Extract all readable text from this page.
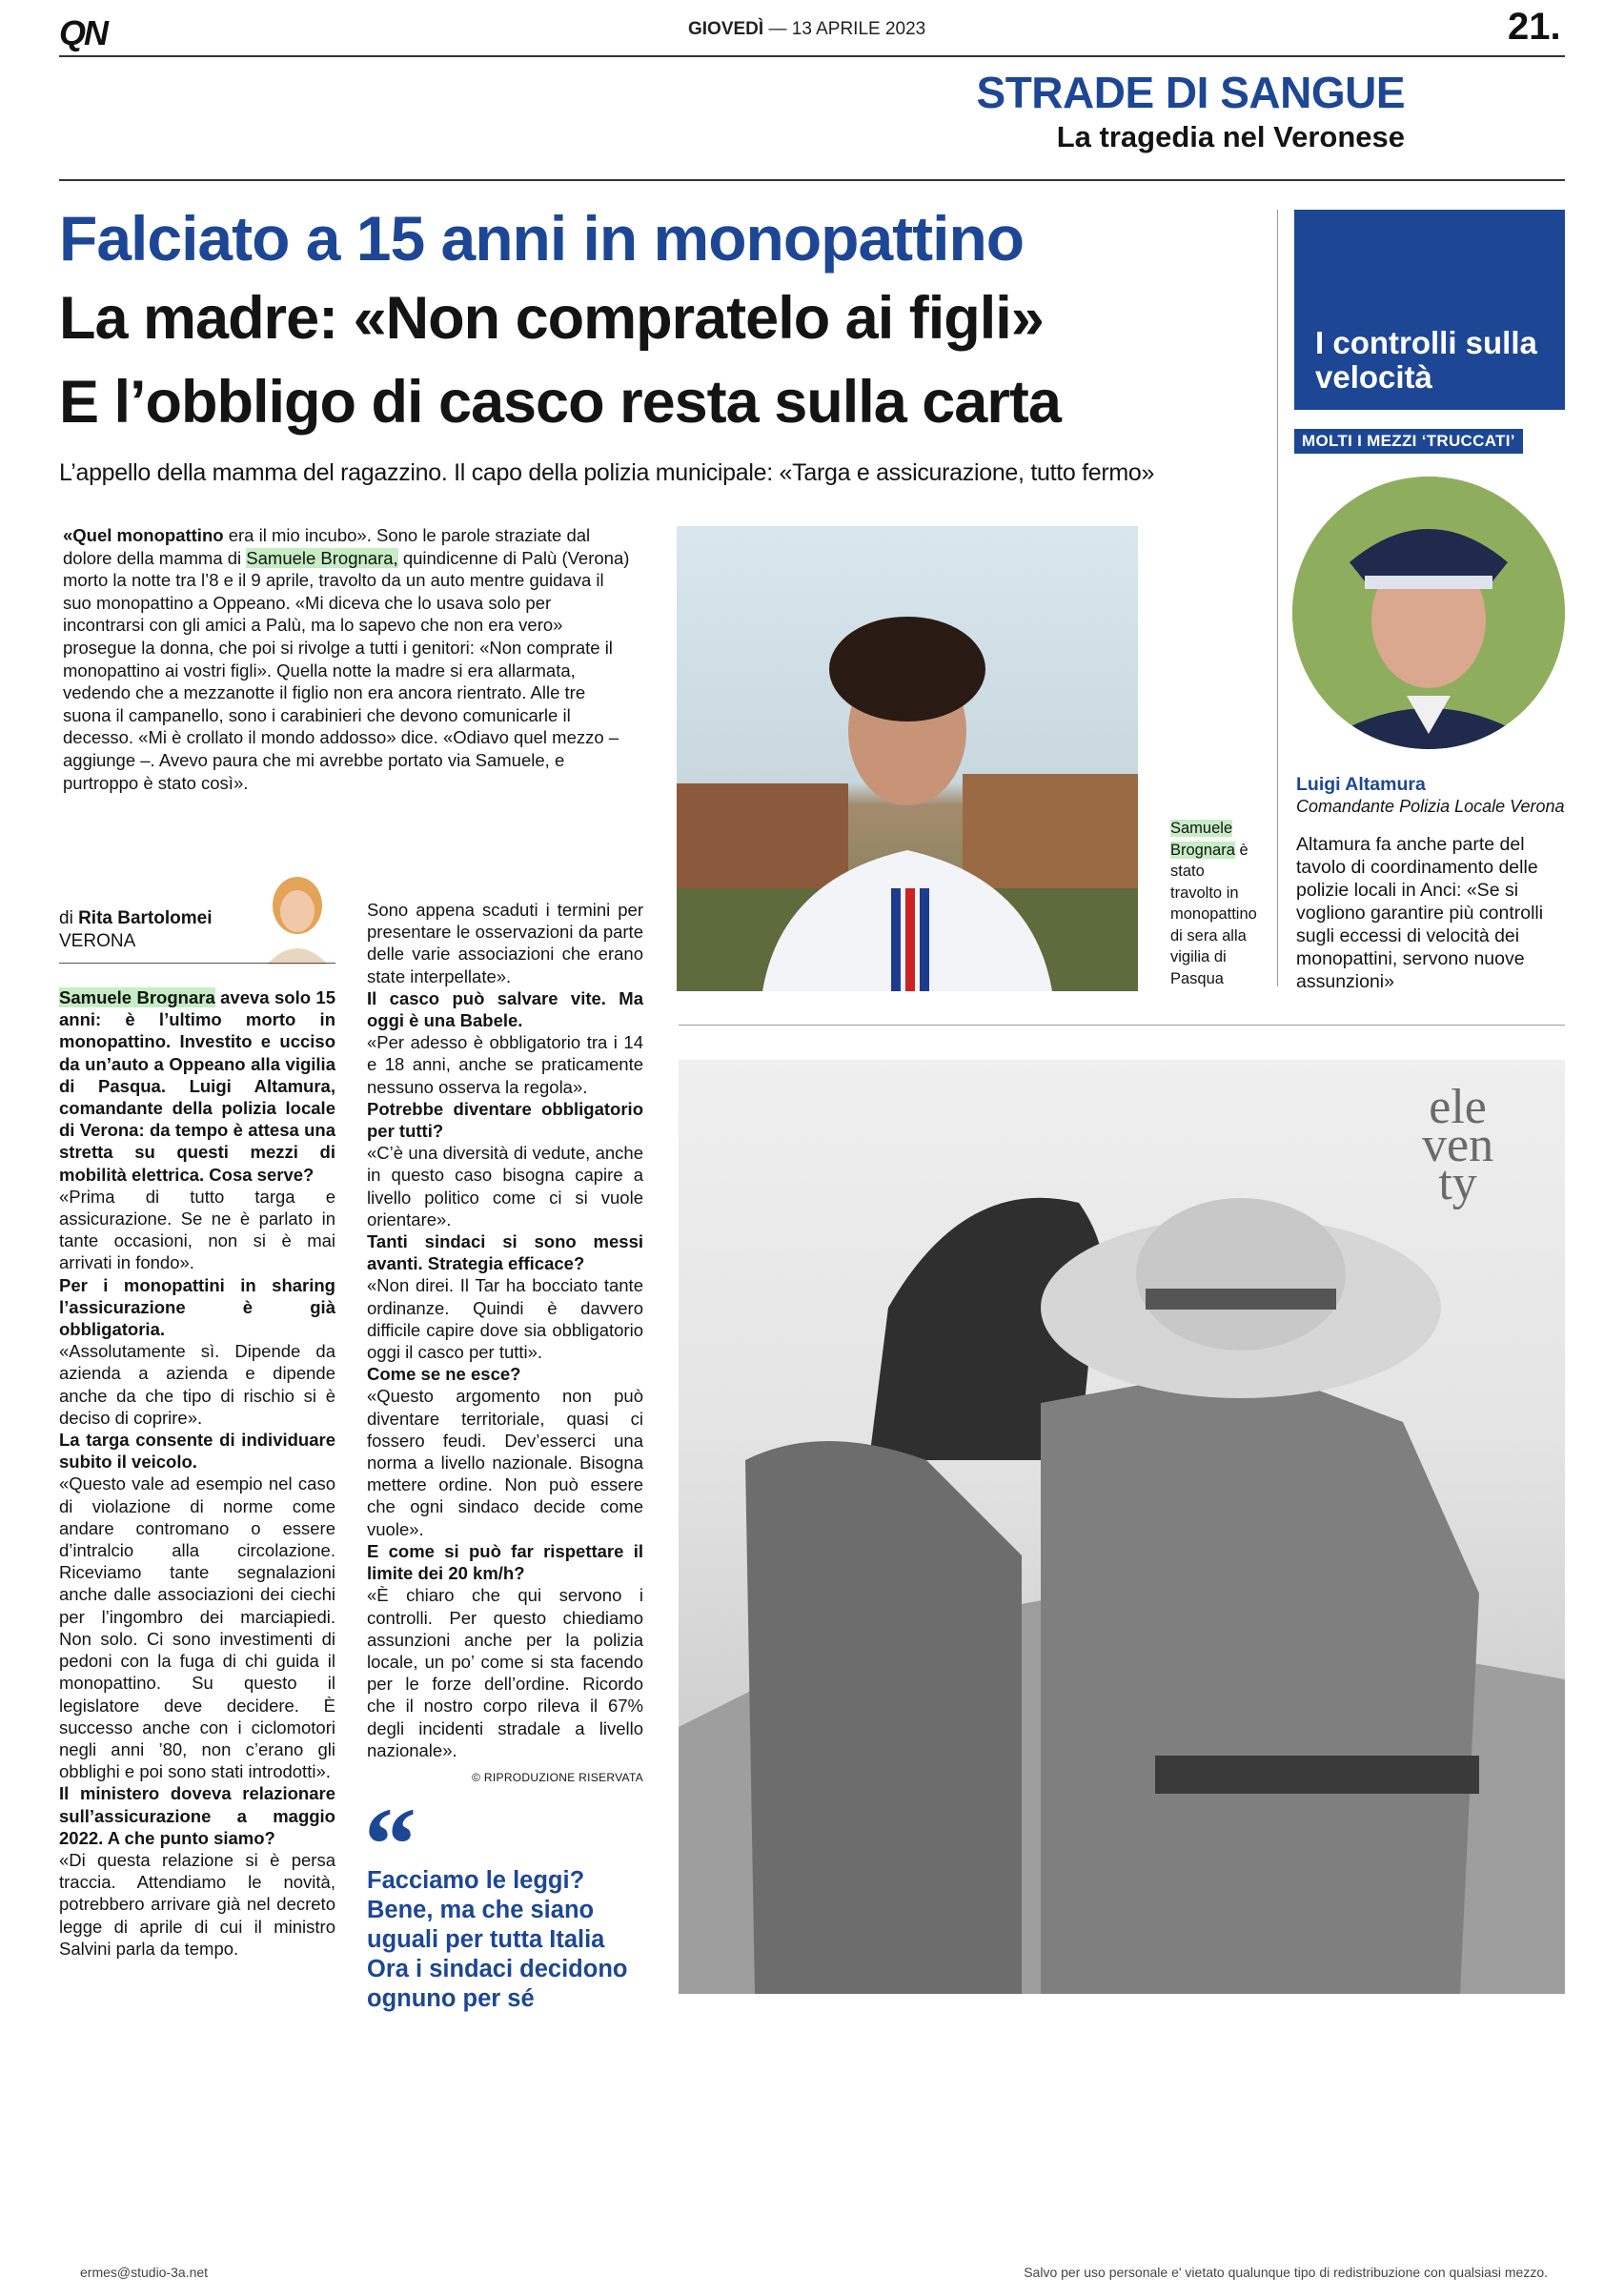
QN	GIOVEDÌ — 13 APRILE 2023	21.
STRADE DI SANGUE
La tragedia nel Veronese
Falciato a 15 anni in monopattino
La madre: «Non compratelo ai figli»
E l’obbligo di casco resta sulla carta
L’appello della mamma del ragazzino. Il capo della polizia municipale: «Targa e assicurazione, tutto fermo»
«Quel monopattino era il mio incubo». Sono le parole straziate dal dolore della mamma di Samuele Brognara, quindicenne di Palù (Verona) morto la notte tra l’8 e il 9 aprile, travolto da un auto mentre guidava il suo monopattino a Oppeano. «Mi diceva che lo usava solo per incontrarsi con gli amici a Palù, ma lo sapevo che non era vero» prosegue la donna, che poi si rivolge a tutti i genitori: «Non comprate il monopattino ai vostri figli». Quella notte la madre si era allarmata, vedendo che a mezzanotte il figlio non era ancora rientrato. Alle tre suona il campanello, sono i carabinieri che devono comunicarle il decesso. «Mi è crollato il mondo addosso» dice. «Odiavo quel mezzo – aggiunge –. Avevo paura che mi avrebbe portato via Samuele, e purtroppo è stato così».
Samuele Brognara è stato travolto in monopattino di sera alla vigilia di Pasqua
di Rita Bartolomei
VERONA

Samuele Brognara aveva solo 15 anni: è l’ultimo morto in monopattino. Investito e ucciso da un’auto a Oppeano alla vigilia di Pasqua. Luigi Altamura, comandante della polizia locale di Verona: da tempo è attesa una stretta su questi mezzi di mobilità elettrica. Cosa serve?

«Prima di tutto targa e assicurazione. Se ne è parlato in tante occasioni, non si è mai arrivati in fondo».

Per i monopattini in sharing l’assicurazione è già obbligatoria.

«Assolutamente sì. Dipende da azienda a azienda e dipende anche da che tipo di rischio si è deciso di coprire».

La targa consente di individuare subito il veicolo.

«Questo vale ad esempio nel caso di violazione di norme come andare contromano o essere d’intralcio alla circolazione. Riceviamo tante segnalazioni anche dalle associazioni dei ciechi per l’ingombro dei marciapiedi. Non solo. Ci sono investimenti di pedoni con la fuga di chi guida il monopattino. Su questo il legislatore deve decidere. È successo anche con i ciclomotori negli anni ’80, non c’erano gli obblighi e poi sono stati introdotti».

Il ministero doveva relazionare sull’assicurazione a maggio 2022. A che punto siamo?

«Di questa relazione si è persa traccia. Attendiamo le novità, potrebbero arrivare già nel decreto legge di aprile di cui il ministro Salvini parla da tempo.

Sono appena scaduti i termini per presentare le osservazioni da parte delle varie associazioni che erano state interpellate».

Il casco può salvare vite. Ma oggi è una Babele.

«Per adesso è obbligatorio tra i 14 e 18 anni, anche se praticamente nessuno osserva la regola».

Potrebbe diventare obbligatorio per tutti?

«C’è una diversità di vedute, anche in questo caso bisogna capire a livello politico come ci si vuole orientare».

Tanti sindaci si sono messi avanti. Strategia efficace?

«Non direi. Il Tar ha bocciato tante ordinanze. Quindi è davvero difficile capire dove sia obbligatorio oggi il casco per tutti».

Come se ne esce?

«Questo argomento non può diventare territoriale, quasi ci fossero feudi. Dev’esserci una norma a livello nazionale. Bisogna mettere ordine. Non può essere che ogni sindaco decide come vuole».

E come si può far rispettare il limite dei 20 km/h?

«È chiaro che qui servono i controlli. Per questo chiediamo assunzioni anche per la polizia locale, un po’ come si sta facendo per le forze dell’ordine. Ricordo che il nostro corpo rileva il 67% degli incidenti stradale a livello nazionale».

© RIPRODUZIONE RISERVATA

“
Facciamo le leggi? Bene, ma che siano uguali per tutta Italia Ora i sindaci decidono ognuno per sé
I controlli sulla velocità
MOLTI I MEZZI ‘TRUCCATI’
Luigi Altamura
Comandante Polizia Locale Verona
Altamura fa anche parte del tavolo di coordinamento delle polizie locali in Anci: «Se si vogliono garantire più controlli sugli eccessi di velocità dei monopattini, servono nuove assunzioni»
ele
ven
ty
ermes@studio-3a.net	Salvo per uso personale e' vietato qualunque tipo di redistribuzione con qualsiasi mezzo.
